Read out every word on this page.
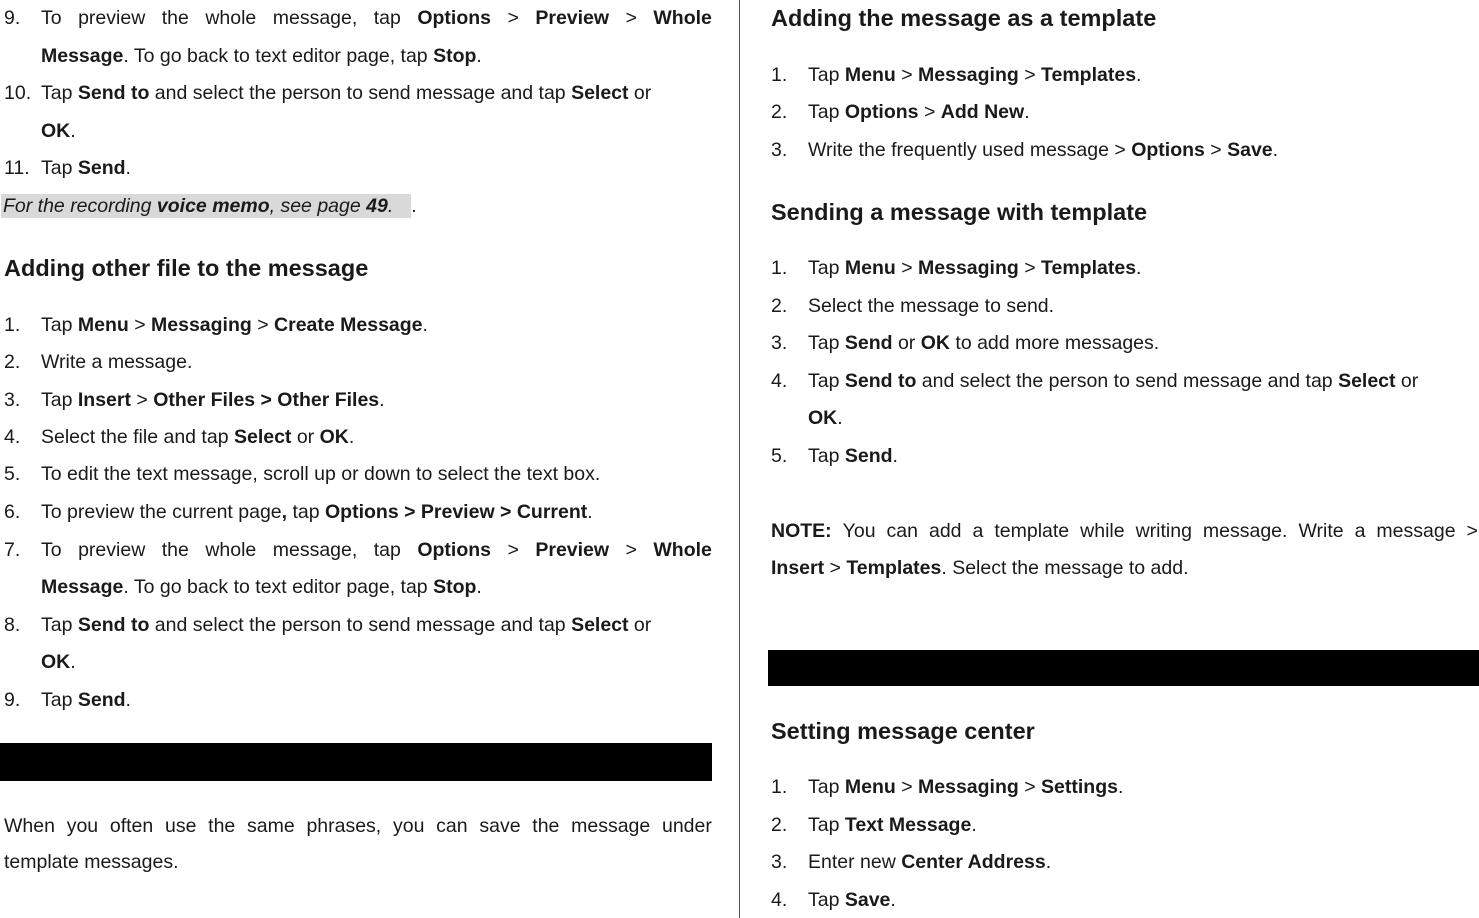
9. To preview the whole message, tap Options > Preview > Whole
Message. To go back to text editor page, tap Stop.
10. Tap Send to and select the person to send message and tap Select or
OK.
11. Tap Send.
For the recording voice memo, see page 49. .
Adding other file to the message
1. Tap Menu > Messaging > Create Message.
2. Write a message.
3. Tap Insert > Other Files > Other Files.
4. Select the file and tap Select or OK.
5. To edit the text message, scroll up or down to select the text box.
6. To preview the current page, tap Options > Preview > Current.
7. To preview the whole message, tap Options > Preview > Whole
Message. To go back to text editor page, tap Stop.
8. Tap Send to and select the person to send message and tap Select or
OK.
9. Tap Send.
When you often use the same phrases, you can save the message under
template messages.
Adding the message as a template
1. Tap Menu > Messaging > Templates.
2. Tap Options > Add New.
3. Write the frequently used message > Options > Save.
Sending a message with template
1. Tap Menu > Messaging > Templates.
2. Select the message to send.
3. Tap Send or OK to add more messages.
4. Tap Send to and select the person to send message and tap Select or
OK.
5. Tap Send.
NOTE: You can add a template while writing message. Write a message >
Insert > Templates. Select the message to add.
Setting message center
1. Tap Menu > Messaging > Settings.
2. Tap Text Message.
3. Enter new Center Address.
4. Tap Save.
